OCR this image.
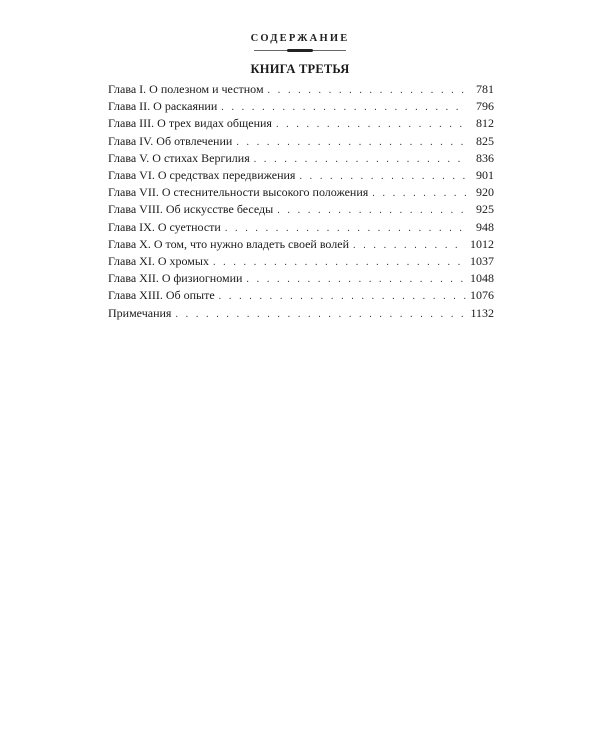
СОДЕРЖАНИЕ
КНИГА ТРЕТЬЯ
Глава I. О полезном и честном . . .	781
Глава II. О раскаянии . . .	796
Глава III. О трех видах общения . . .	812
Глава IV. Об отвлечении . . .	825
Глава V. О стихах Вергилия . . .	836
Глава VI. О средствах передвижения . . .	901
Глава VII. О стеснительности высокого положения . . .	920
Глава VIII. Об искусстве беседы . . .	925
Глава IX. О суетности . . .	948
Глава X. О том, что нужно владеть своей волей . . .	1012
Глава XI. О хромых . . .	1037
Глава XII. О физиогномии . . .	1048
Глава XIII. Об опыте . . .	1076
Примечания . . .	1132
